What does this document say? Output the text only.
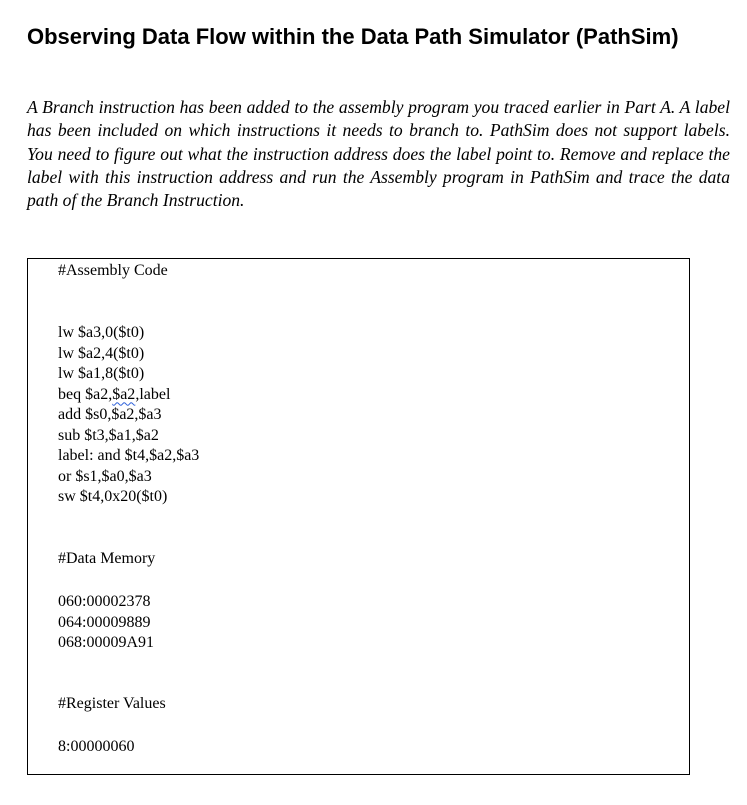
Observing Data Flow within the Data Path Simulator (PathSim)

A Branch instruction has been added to the assembly program you traced earlier in Part A. A label has been included on which instructions it needs to branch to. PathSim does not support labels. You need to figure out what the instruction address does the label point to. Remove and replace the label with this instruction address and run the Assembly program in PathSim and trace the data path of the Branch Instruction.

#Assembly Code
lw $a3,0($t0)
lw $a2,4($t0)
lw $a1,8($t0)
beq $a2,$a2,label
add $s0,$a2,$a3
sub $t3,$a1,$a2
label: and $t4,$a2,$a3
or $s1,$a0,$a3
sw $t4,0x20($t0)
#Data Memory
060:00002378
064:00009889
068:00009A91
#Register Values
8:00000060
